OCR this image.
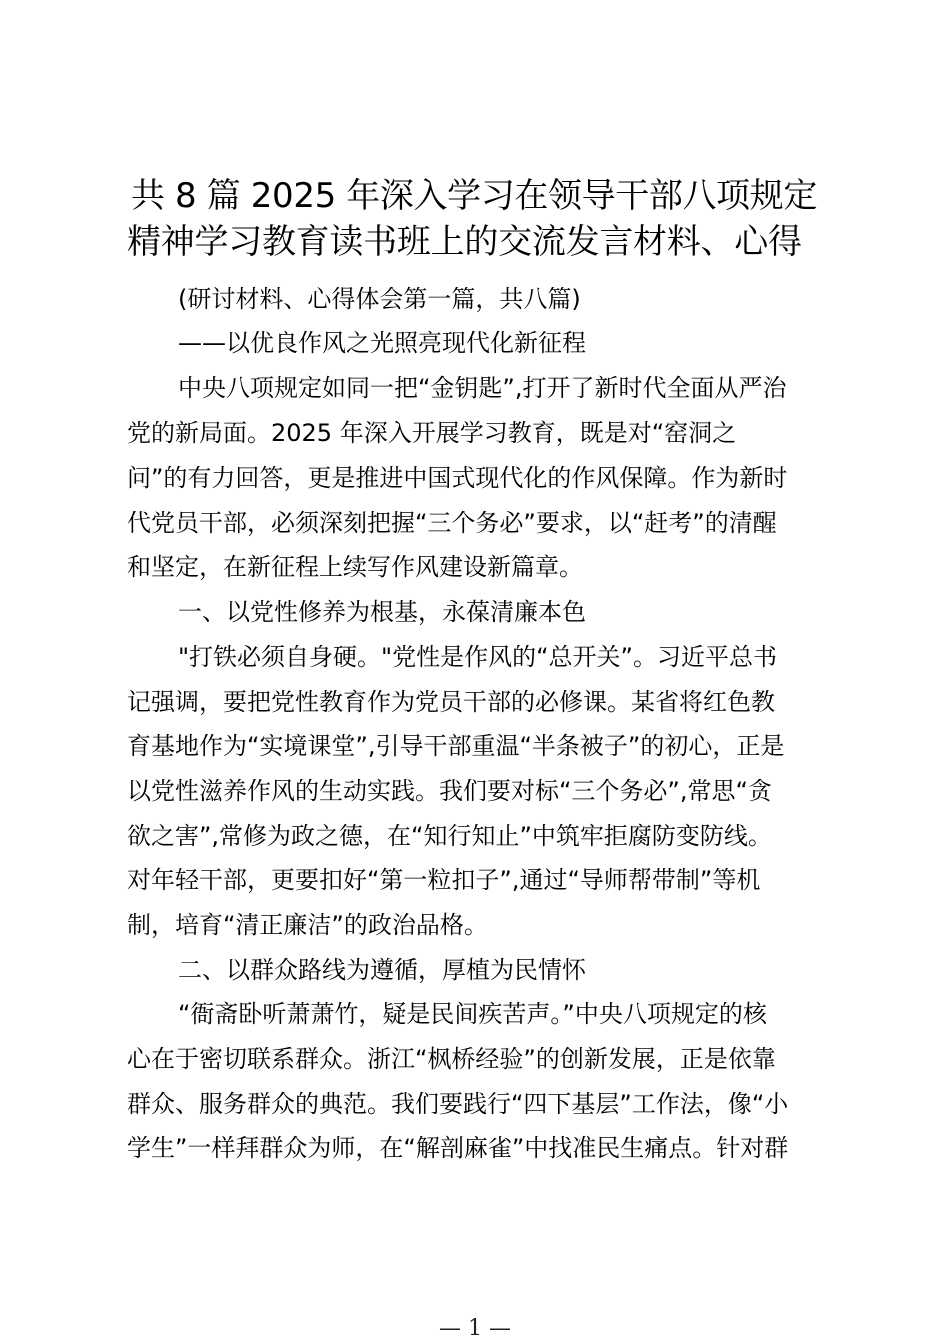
共 8 篇 2025 年深入学习在领导干部八项规定
精神学习教育读书班上的交流发言材料、心得
(研讨材料、心得体会第一篇，共八篇)
——以优良作风之光照亮现代化新征程
中央八项规定如同一把“金钥匙”,打开了新时代全面从严治
党的新局面。2025 年深入开展学习教育，既是对“窑洞之
问”的有力回答，更是推进中国式现代化的作风保障。作为新时
代党员干部，必须深刻把握“三个务必”要求，以“赶考”的清醒
和坚定，在新征程上续写作风建设新篇章。
一、以党性修养为根基，永葆清廉本色
"打铁必须自身硬。"党性是作风的“总开关”。习近平总书
记强调，要把党性教育作为党员干部的必修课。某省将红色教
育基地作为“实境课堂”,引导干部重温“半条被子”的初心，正是
以党性滋养作风的生动实践。我们要对标“三个务必”,常思“贪
欲之害”,常修为政之德，在“知行知止”中筑牢拒腐防变防线。
对年轻干部，更要扣好“第一粒扣子”,通过“导师帮带制”等机
制，培育“清正廉洁”的政治品格。
二、以群众路线为遵循，厚植为民情怀
“衙斋卧听萧萧竹，疑是民间疾苦声。”中央八项规定的核
心在于密切联系群众。浙江“枫桥经验”的创新发展，正是依靠
群众、服务群众的典范。我们要践行“四下基层”工作法，像“小
学生”一样拜群众为师，在“解剖麻雀”中找准民生痛点。针对群
— 1 —
